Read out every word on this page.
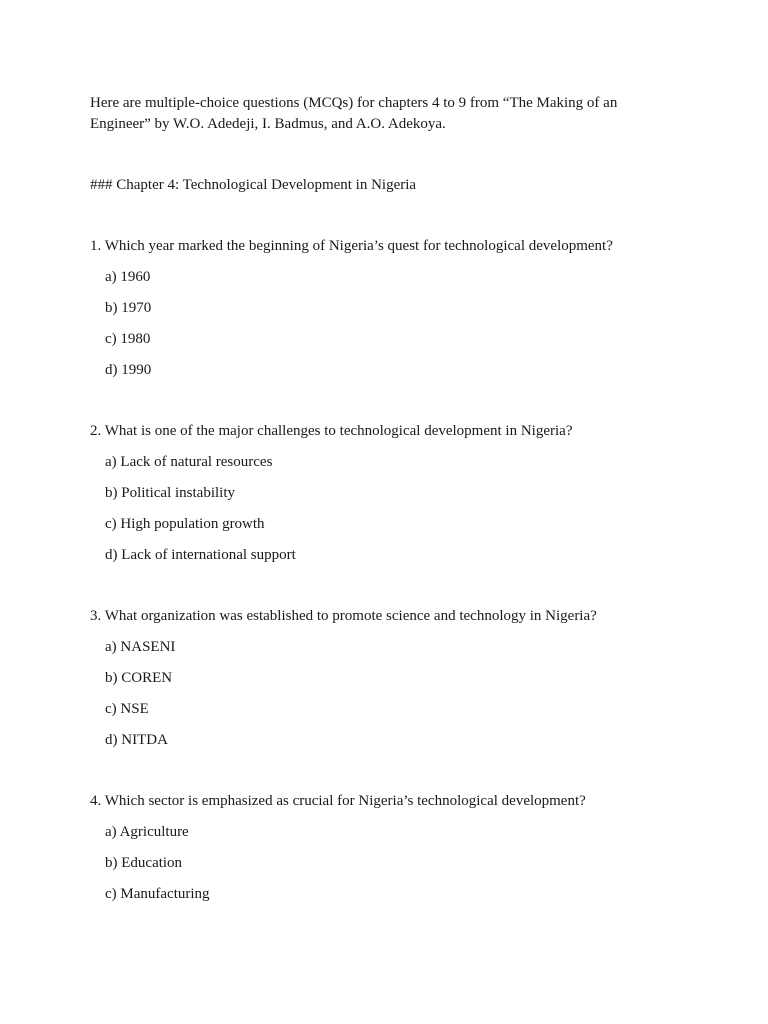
Here are multiple-choice questions (MCQs) for chapters 4 to 9 from “The Making of an Engineer” by W.O. Adedeji, I. Badmus, and A.O. Adekoya.

### Chapter 4: Technological Development in Nigeria
1. Which year marked the beginning of Nigeria’s quest for technological development?
a) 1960
b) 1970
c) 1980
d) 1990
2. What is one of the major challenges to technological development in Nigeria?
a) Lack of natural resources
b) Political instability
c) High population growth
d) Lack of international support
3. What organization was established to promote science and technology in Nigeria?
a) NASENI
b) COREN
c) NSE
d) NITDA
4. Which sector is emphasized as crucial for Nigeria’s technological development?
a) Agriculture
b) Education
c) Manufacturing
